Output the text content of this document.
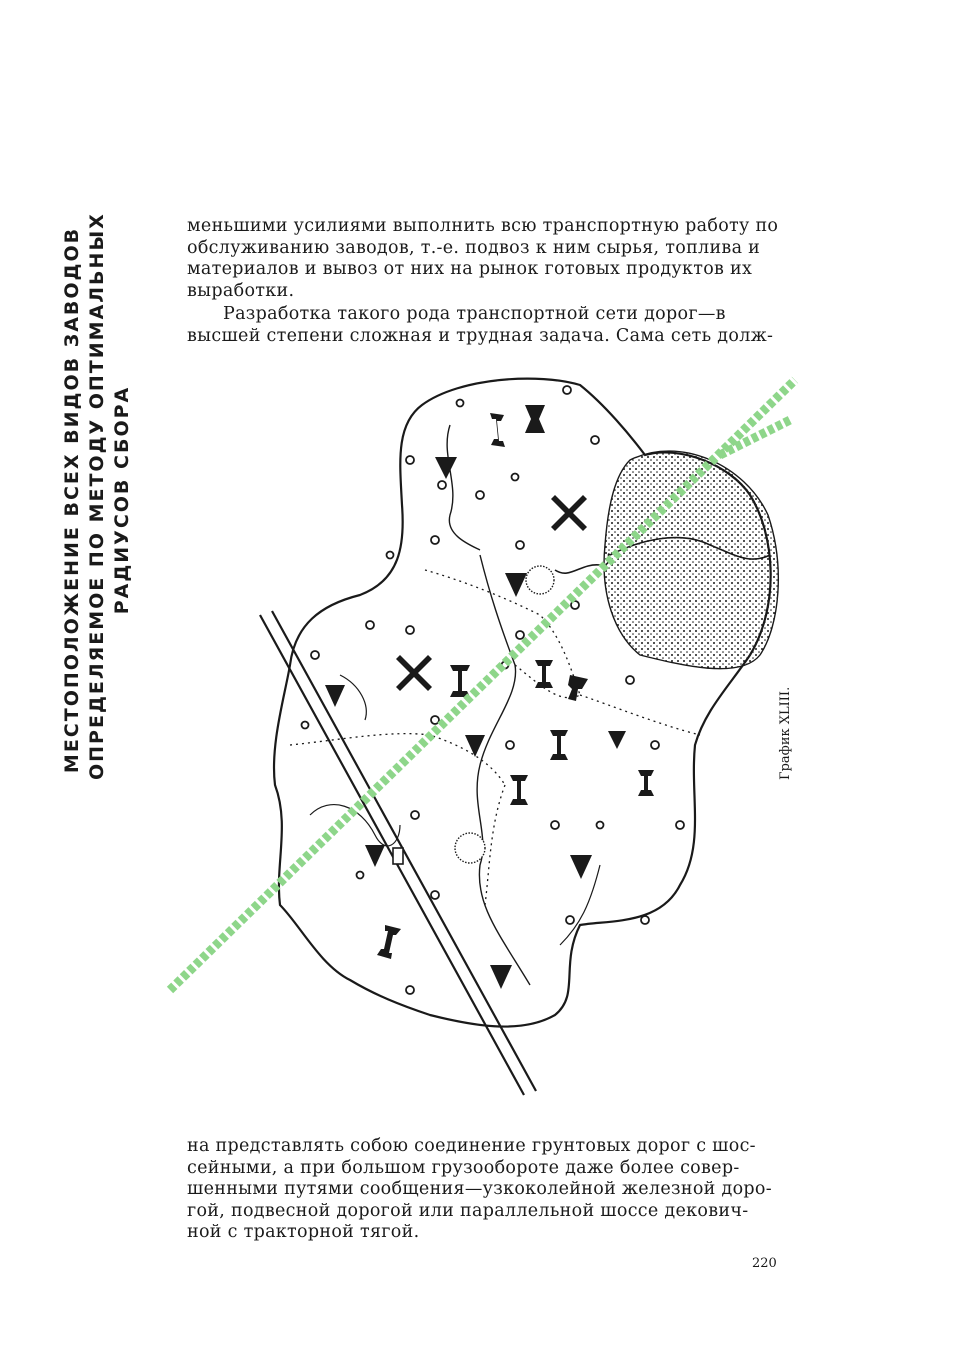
меньшими усилиями выполнить всю транспортную работу по
обслуживанию заводов, т.-е. подвоз к ним сырья, топлива и
материалов и вывоз от них на рынок готовых продуктов их
выработки.
Разработка такого рода транспортной сети дорог—в
высшей степени сложная и трудная задача. Сама сеть долж-
МЕСТОПОЛОЖЕНИЕ ВСЕХ ВИДОВ ЗАВОДОВ ОПРЕДЕЛЯЕМОЕ ПО МЕТОДУ ОПТИМАЛЬНЫХ РАДИУСОВ СБОРА
График XLIII.
на представлять собою соединение грунтовых дорог с шос-
сейными, а при большом грузообороте даже более совер-
шенными путями сообщения—узкоколейной железной доро-
гой, подвесной дорогой или параллельной шоссе декович-
ной с тракторной тягой.
220
